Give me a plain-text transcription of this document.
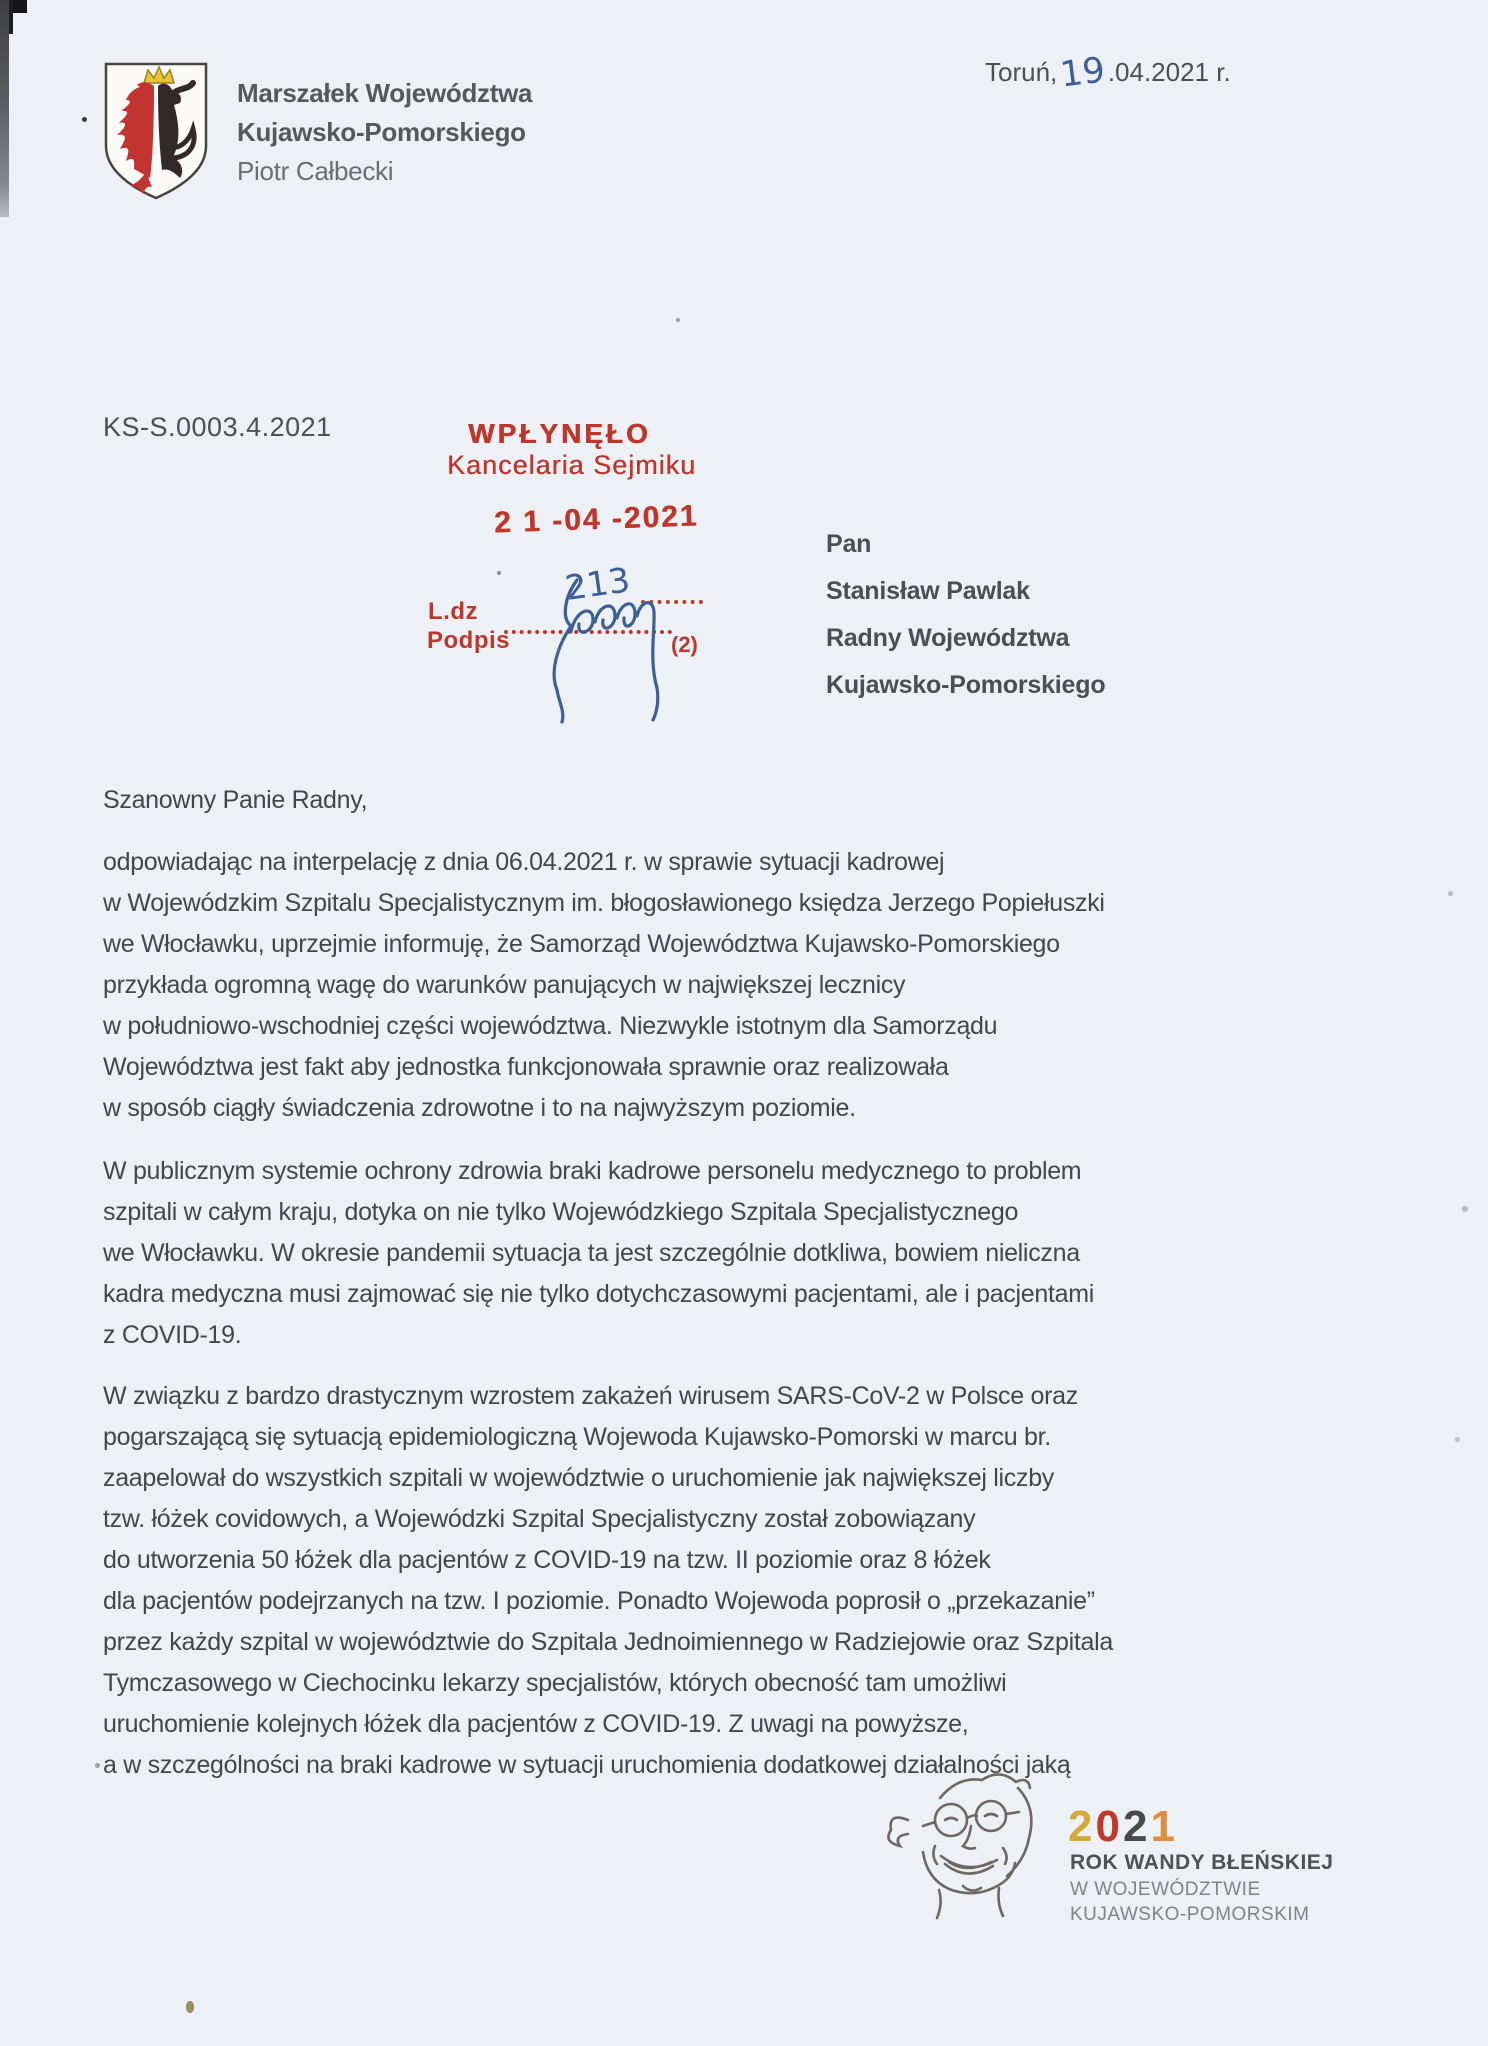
Marszałek Województwa
Kujawsko-Pomorskiego
Piotr Całbecki
Toruń,19.04.2021 r.
KS-S.0003.4.2021	WPŁYNĘŁO
Kancelaria Sejmiku
2 1 -04 -2021
L.dz
Podpis	(2)
213
Pan
Stanisław Pawlak
Radny Województwa
Kujawsko-Pomorskiego
Szanowny Panie Radny,
odpowiadając na interpelację z dnia 06.04.2021 r. w sprawie sytuacji kadrowej
w Wojewódzkim Szpitalu Specjalistycznym im. błogosławionego księdza Jerzego Popiełuszki
we Włocławku, uprzejmie informuję, że Samorząd Województwa Kujawsko-Pomorskiego
przykłada ogromną wagę do warunków panujących w największej lecznicy
w południowo-wschodniej części województwa. Niezwykle istotnym dla Samorządu
Województwa jest fakt aby jednostka funkcjonowała sprawnie oraz realizowała
w sposób ciągły świadczenia zdrowotne i to na najwyższym poziomie.
W publicznym systemie ochrony zdrowia braki kadrowe personelu medycznego to problem
szpitali w całym kraju, dotyka on nie tylko Wojewódzkiego Szpitala Specjalistycznego
we Włocławku. W okresie pandemii sytuacja ta jest szczególnie dotkliwa, bowiem nieliczna
kadra medyczna musi zajmować się nie tylko dotychczasowymi pacjentami, ale i pacjentami
z COVID-19.
W związku z bardzo drastycznym wzrostem zakażeń wirusem SARS-CoV-2 w Polsce oraz
pogarszającą się sytuacją epidemiologiczną Wojewoda Kujawsko-Pomorski w marcu br.
zaapelował do wszystkich szpitali w województwie o uruchomienie jak największej liczby
tzw. łóżek covidowych, a Wojewódzki Szpital Specjalistyczny został zobowiązany
do utworzenia 50 łóżek dla pacjentów z COVID-19 na tzw. II poziomie oraz 8 łóżek
dla pacjentów podejrzanych na tzw. I poziomie. Ponadto Wojewoda poprosił o „przekazanie”
przez każdy szpital w województwie do Szpitala Jednoimiennego w Radziejowie oraz Szpitala
Tymczasowego w Ciechocinku lekarzy specjalistów, których obecność tam umożliwi
uruchomienie kolejnych łóżek dla pacjentów z COVID-19. Z uwagi na powyższe,
a w szczególności na braki kadrowe w sytuacji uruchomienia dodatkowej działalności jaką
2021
ROK WANDY BŁEŃSKIEJ
W WOJEWÓDZTWIE
KUJAWSKO-POMORSKIM
